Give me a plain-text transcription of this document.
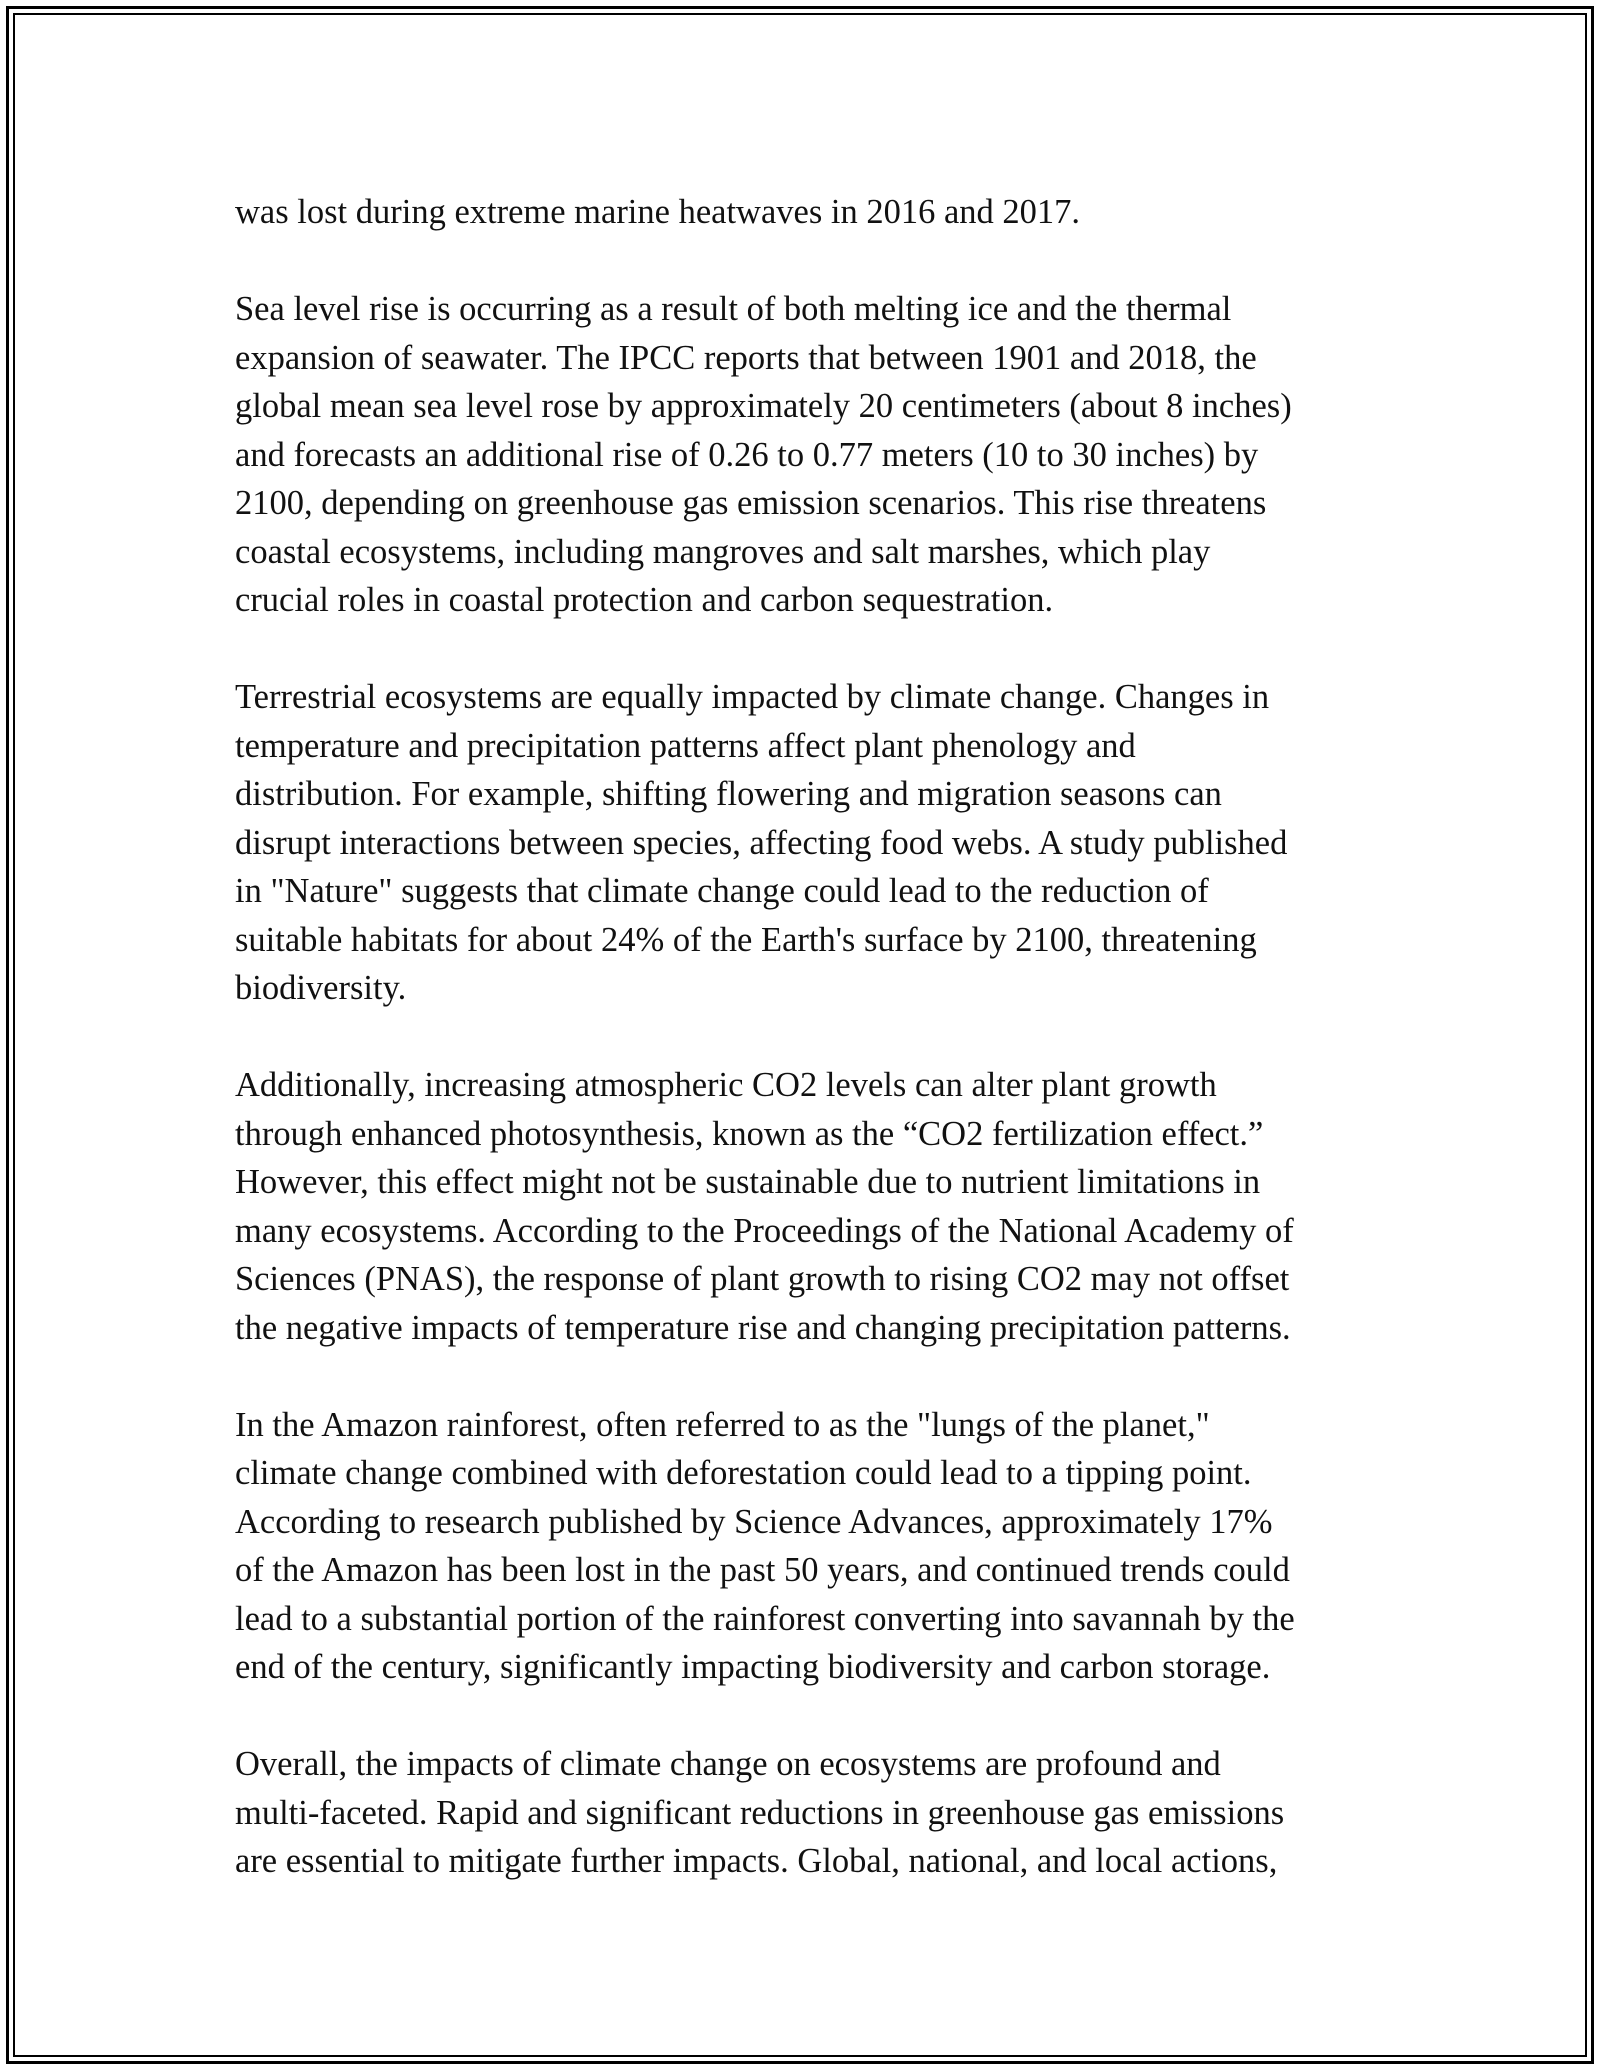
was lost during extreme marine heatwaves in 2016 and 2017.

Sea level rise is occurring as a result of both melting ice and the thermal
expansion of seawater. The IPCC reports that between 1901 and 2018, the
global mean sea level rose by approximately 20 centimeters (about 8 inches)
and forecasts an additional rise of 0.26 to 0.77 meters (10 to 30 inches) by
2100, depending on greenhouse gas emission scenarios. This rise threatens
coastal ecosystems, including mangroves and salt marshes, which play
crucial roles in coastal protection and carbon sequestration.

Terrestrial ecosystems are equally impacted by climate change. Changes in
temperature and precipitation patterns affect plant phenology and
distribution. For example, shifting flowering and migration seasons can
disrupt interactions between species, affecting food webs. A study published
in "Nature" suggests that climate change could lead to the reduction of
suitable habitats for about 24% of the Earth's surface by 2100, threatening
biodiversity.

Additionally, increasing atmospheric CO2 levels can alter plant growth
through enhanced photosynthesis, known as the “CO2 fertilization effect.”
However, this effect might not be sustainable due to nutrient limitations in
many ecosystems. According to the Proceedings of the National Academy of
Sciences (PNAS), the response of plant growth to rising CO2 may not offset
the negative impacts of temperature rise and changing precipitation patterns.

In the Amazon rainforest, often referred to as the "lungs of the planet,"
climate change combined with deforestation could lead to a tipping point.
According to research published by Science Advances, approximately 17%
of the Amazon has been lost in the past 50 years, and continued trends could
lead to a substantial portion of the rainforest converting into savannah by the
end of the century, significantly impacting biodiversity and carbon storage.

Overall, the impacts of climate change on ecosystems are profound and
multi-faceted. Rapid and significant reductions in greenhouse gas emissions
are essential to mitigate further impacts. Global, national, and local actions,
